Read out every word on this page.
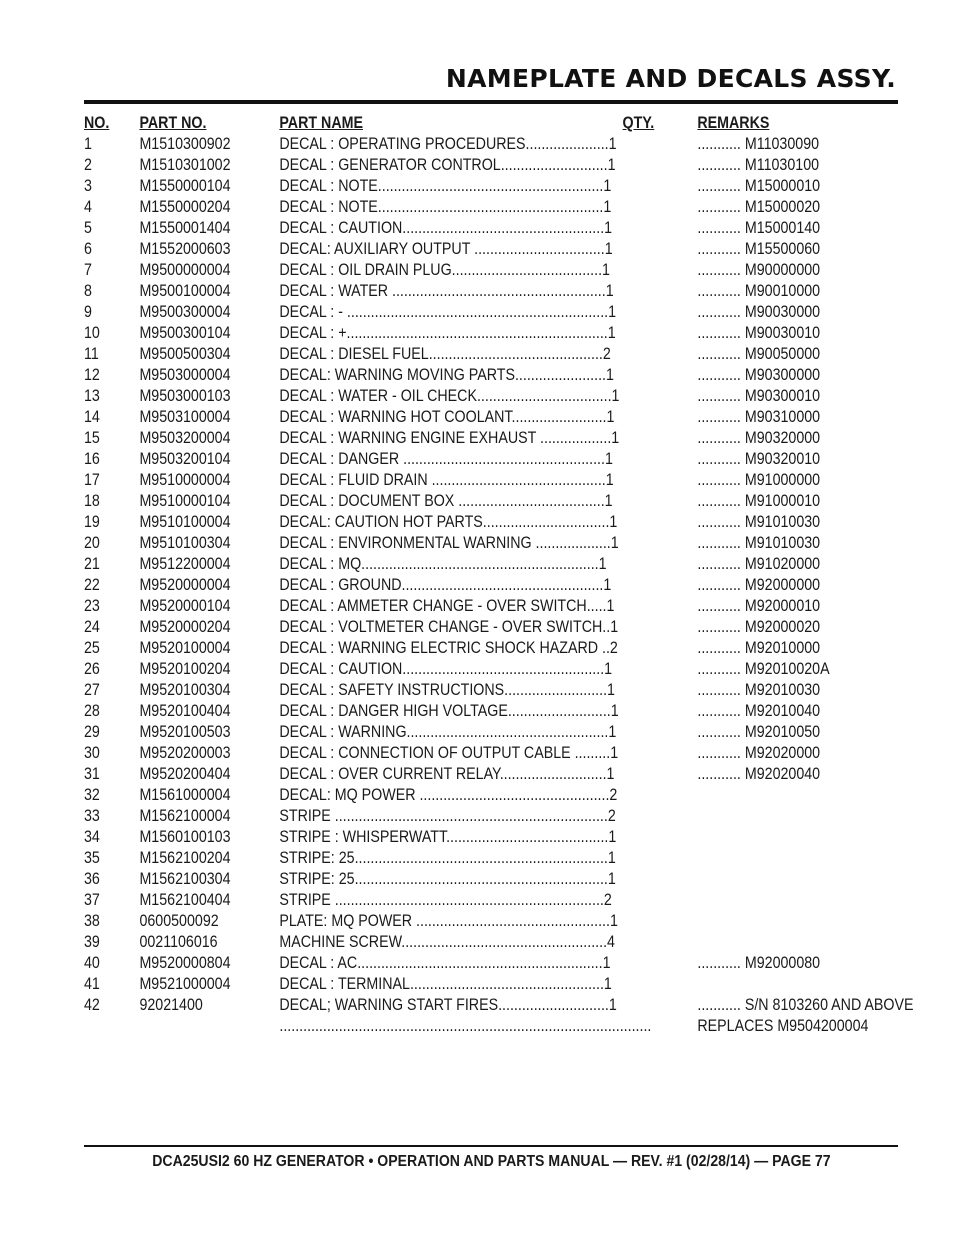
NAMEPLATE AND DECALS ASSY.
NO. PART NO.	PART NAME	QTY.	REMARKS
1	M1510300902	DECAL : OPERATING PROCEDURES.....................1	........... M11030090
2	M1510301002	DECAL : GENERATOR CONTROL...........................1	........... M11030100
3	M1550000104	DECAL : NOTE.........................................................1	........... M15000010
4	M1550000204	DECAL : NOTE.........................................................1	........... M15000020
5	M1550001404	DECAL : CAUTION...................................................1	........... M15000140
6	M1552000603	DECAL: AUXILIARY OUTPUT .................................1	........... M15500060
7	M9500000004	DECAL : OIL DRAIN PLUG......................................1	........... M90000000
8	M9500100004	DECAL : WATER ......................................................1	........... M90010000
9	M9500300004	DECAL : - ..................................................................1	........... M90030000
10 M9500300104	DECAL : +..................................................................1	........... M90030010
11	M9500500304	DECAL : DIESEL FUEL............................................2	........... M90050000
12 M9503000004	DECAL: WARNING MOVING PARTS.......................1	........... M90300000
13 M9503000103	DECAL : WATER - OIL CHECK..................................1	........... M90300010
14 M9503100004	DECAL : WARNING HOT COOLANT........................1	........... M90310000
15 M9503200004	DECAL : WARNING ENGINE EXHAUST ..................1	........... M90320000
16 M9503200104	DECAL : DANGER ...................................................1	........... M90320010
17 M9510000004	DECAL : FLUID DRAIN ............................................1	........... M91000000
18 M9510000104	DECAL : DOCUMENT BOX .....................................1	........... M91000010
19 M9510100004	DECAL: CAUTION HOT PARTS................................1	........... M91010030
20 M9510100304	DECAL : ENVIRONMENTAL WARNING ...................1	........... M91010030
21 M9512200004	DECAL : MQ............................................................1	........... M91020000
22 M9520000004	DECAL : GROUND...................................................1	........... M92000000
23 M9520000104	DECAL : AMMETER CHANGE - OVER SWITCH.....1	........... M92000010
24 M9520000204	DECAL : VOLTMETER CHANGE - OVER SWITCH..1	........... M92000020
25 M9520100004	DECAL : WARNING ELECTRIC SHOCK HAZARD ..2	........... M92010000
26 M9520100204	DECAL : CAUTION...................................................1	........... M92010020A
27 M9520100304	DECAL : SAFETY INSTRUCTIONS..........................1	........... M92010030
28 M9520100404	DECAL : DANGER HIGH VOLTAGE..........................1	........... M92010040
29 M9520100503	DECAL : WARNING...................................................1	........... M92010050
30 M9520200003	DECAL : CONNECTION OF OUTPUT CABLE .........1	........... M92020000
31 M9520200404	DECAL : OVER CURRENT RELAY...........................1	........... M92020040
32 M1561000004	DECAL: MQ POWER ................................................2
33 M1562100004	STRIPE .....................................................................2
34 M1560100103	STRIPE : WHISPERWATT.........................................1
35 M1562100204	STRIPE: 25................................................................1
36 M1562100304	STRIPE: 25................................................................1
37 M1562100404	STRIPE ....................................................................2
38 0600500092	PLATE: MQ POWER .................................................1
39 0021106016	MACHINE SCREW....................................................4
40 M9520000804	DECAL : AC..............................................................1	........... M92000080
41 M9521000004	DECAL : TERMINAL.................................................1
42 92021400	DECAL; WARNING START FIRES............................1	........... S/N 8103260 AND ABOVE
..............................................................................................	REPLACES M9504200004
DCA25USI2 60 HZ GENERATOR • OPERATION AND PARTS MANUAL — REV. #1 (02/28/14) — PAGE 77
